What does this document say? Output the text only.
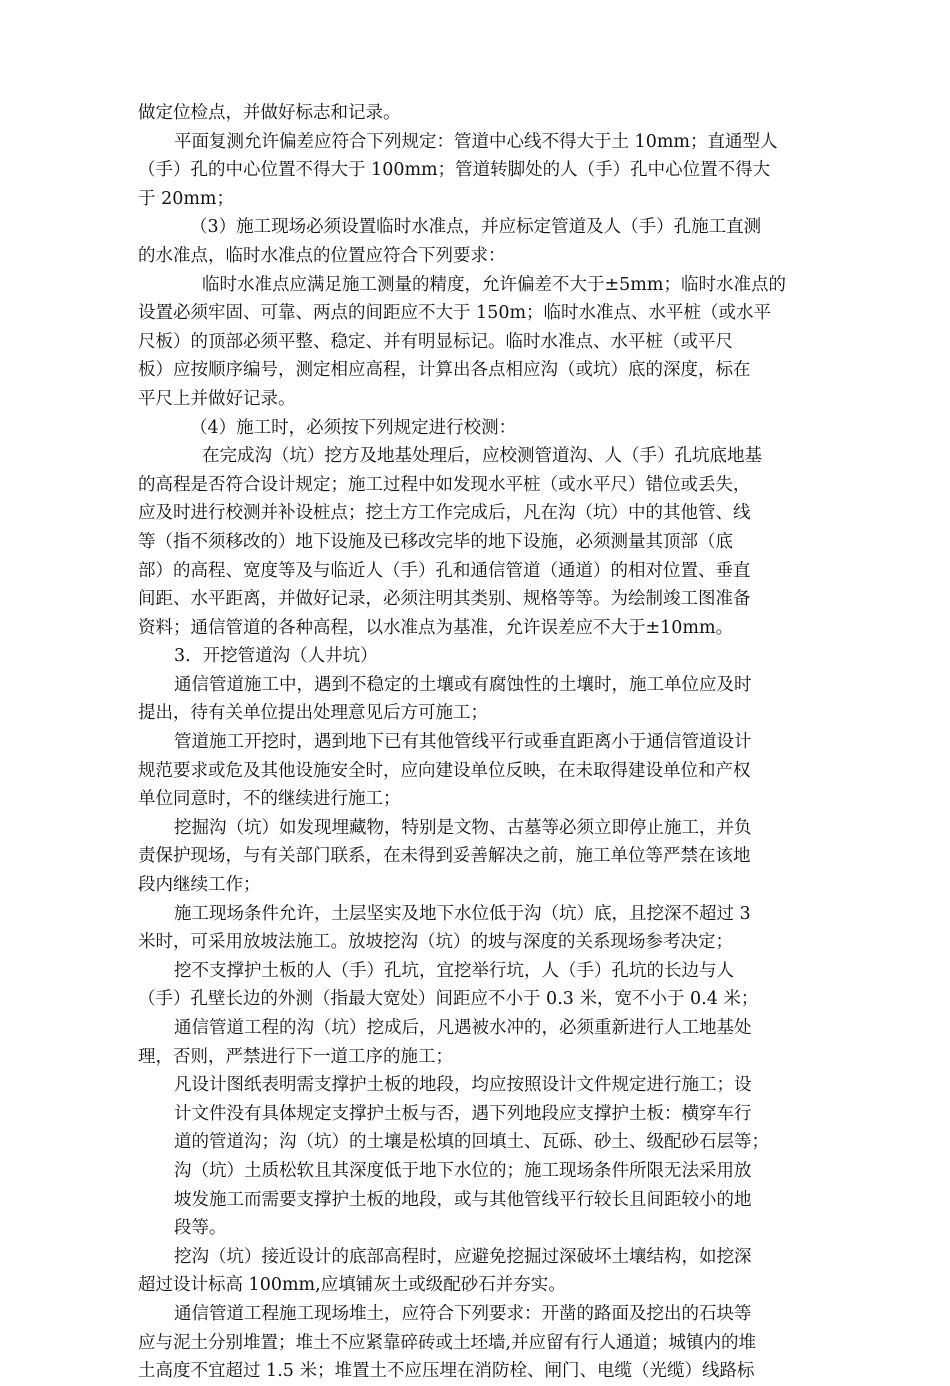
做定位检点，并做好标志和记录。
平面复测允许偏差应符合下列规定：管道中心线不得大于土 10mm；直通型人
（手）孔的中心位置不得大于 100mm；管道转脚处的人（手）孔中心位置不得大
于 20mm；
（3）施工现场必须设置临时水准点，并应标定管道及人（手）孔施工直测
的水准点，临时水准点的位置应符合下列要求：
临时水准点应满足施工测量的精度，允许偏差不大于±5mm；临时水准点的
设置必须牢固、可靠、两点的间距应不大于 150m；临时水准点、水平桩（或水平
尺板）的顶部必须平整、稳定、并有明显标记。临时水准点、水平桩（或平尺
板）应按顺序编号，测定相应高程，计算出各点相应沟（或坑）底的深度，标在
平尺上并做好记录。
（4）施工时，必须按下列规定进行校测：
在完成沟（坑）挖方及地基处理后，应校测管道沟、人（手）孔坑底地基
的高程是否符合设计规定；施工过程中如发现水平桩（或水平尺）错位或丢失，
应及时进行校测并补设桩点；挖土方工作完成后，凡在沟（坑）中的其他管、线
等（指不须移改的）地下设施及已移改完毕的地下设施，必须测量其顶部（底
部）的高程、宽度等及与临近人（手）孔和通信管道（通道）的相对位置、垂直
间距、水平距离，并做好记录，必须注明其类别、规格等等。为绘制竣工图准备
资料；通信管道的各种高程，以水准点为基准，允许误差应不大于±10mm。
3．开挖管道沟（人井坑）
通信管道施工中，遇到不稳定的土壤或有腐蚀性的土壤时，施工单位应及时
提出，待有关单位提出处理意见后方可施工；
管道施工开挖时，遇到地下已有其他管线平行或垂直距离小于通信管道设计
规范要求或危及其他设施安全时，应向建设单位反映，在未取得建设单位和产权
单位同意时，不的继续进行施工；
挖掘沟（坑）如发现埋藏物，特别是文物、古墓等必须立即停止施工，并负
责保护现场，与有关部门联系，在未得到妥善解决之前，施工单位等严禁在该地
段内继续工作；
施工现场条件允许，土层坚实及地下水位低于沟（坑）底，且挖深不超过 3
米时，可采用放坡法施工。放坡挖沟（坑）的坡与深度的关系现场参考决定；
挖不支撑护土板的人（手）孔坑，宜挖举行坑，人（手）孔坑的长边与人
（手）孔壁长边的外测（指最大宽处）间距应不小于 0.3 米，宽不小于 0.4 米；
通信管道工程的沟（坑）挖成后，凡遇被水冲的，必须重新进行人工地基处
理，否则，严禁进行下一道工序的施工；
凡设计图纸表明需支撑护土板的地段，均应按照设计文件规定进行施工；设
计文件没有具体规定支撑护土板与否，遇下列地段应支撑护土板：横穿车行
道的管道沟；沟（坑）的土壤是松填的回填土、瓦砾、砂土、级配砂石层等；
沟（坑）土质松软且其深度低于地下水位的；施工现场条件所限无法采用放
坡发施工而需要支撑护土板的地段，或与其他管线平行较长且间距较小的地
段等。
挖沟（坑）接近设计的底部高程时，应避免挖掘过深破坏土壤结构，如挖深
超过设计标高 100mm,应填铺灰土或级配砂石并夯实。
通信管道工程施工现场堆土，应符合下列要求：开凿的路面及挖出的石块等
应与泥土分别堆置；堆土不应紧靠碎砖或土坯墙,并应留有行人通道；城镇内的堆
土高度不宜超过 1.5 米；堆置土不应压埋在消防栓、闸门、电缆（光缆）线路标
